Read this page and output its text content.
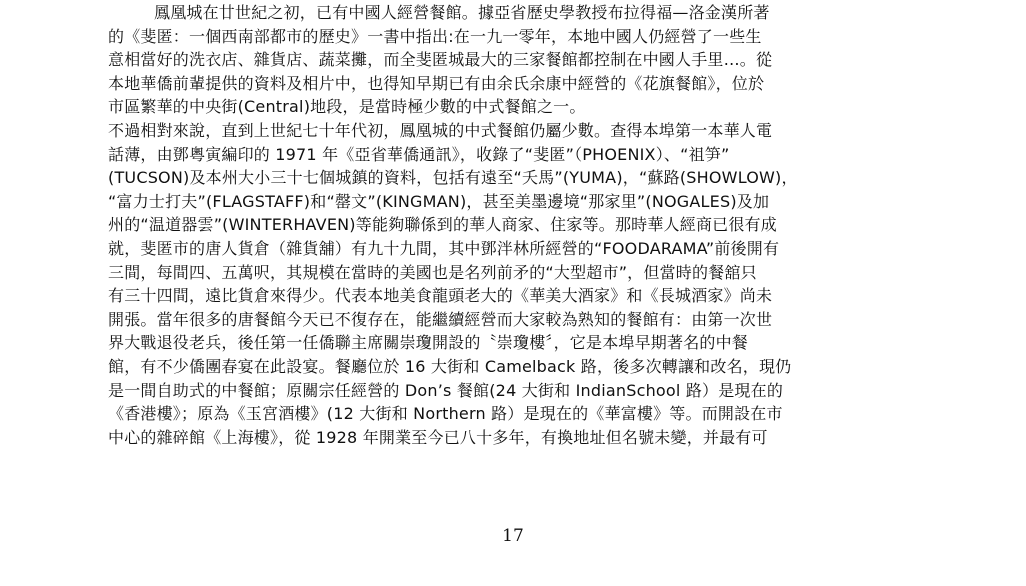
鳳凰城在廿世紀之初，已有中國人經營餐館。據亞省歷史學教授布拉得福—洛金漢所著
的《斐匿：一個西南部都市的歷史》一書中指出:在一九一零年，本地中國人仍經營了一些生
意相當好的洗衣店、雜貨店、蔬菜攤，而全斐匿城最大的三家餐館都控制在中國人手里…。從
本地華僑前輩提供的資料及相片中，也得知早期已有由余氏余康中經營的《花旗餐館》，位於
市區繁華的中央街(Central)地段，是當時極少數的中式餐館之一。
不過相對來說，直到上世紀七十年代初，鳳凰城的中式餐館仍屬少數。查得本埠第一本華人電
話薄，由鄧粵寅編印的 1971 年《亞省華僑通訊》，收錄了“斐匿”（PHOENIX）、“祖笋”
(TUCSON)及本州大小三十七個城鎮的資料，包括有遠至“夭馬”(YUMA)，“蘇路(SHOWLOW)，
“富力士打夫”(FLAGSTAFF)和“罄文”(KINGMAN)，甚至美墨邊境“那家里”(NOGALES)及加
州的“温道器雲”(WINTERHAVEN)等能夠聯係到的華人商家、住家等。那時華人經商已很有成
就，斐匿市的唐人貨倉（雜貨舖）有九十九間，其中鄧泮林所經營的“FOODARAMA”前後開有
三間，每間四、五萬呎，其規模在當時的美國也是名列前矛的“大型超市”，但當時的餐舘只
有三十四間，遠比貨倉來得少。代表本地美食龍頭老大的《華美大酒家》和《長城酒家》尚未
開張。當年很多的唐餐館今天已不復存在，能繼續經營而大家較為熟知的餐館有：由第一次世
界大戰退役老兵，後任第一任僑聯主席關崇瓊開設的〝崇瓊樓〞，它是本埠早期著名的中餐
館，有不少僑團春宴在此設宴。餐廳位於 16 大街和 Camelback 路，後多次轉讓和改名，現仍
是一間自助式的中餐館；原關宗任經營的 Don’s 餐館(24 大街和 IndianSchool 路）是現在的
《香港樓》；原為《玉宮酒樓》(12 大街和 Northern 路）是現在的《華富樓》等。而開設在市
中心的雜碎館《上海樓》，從 1928 年開業至今已八十多年，有換地址但名號未變，并最有可
17
